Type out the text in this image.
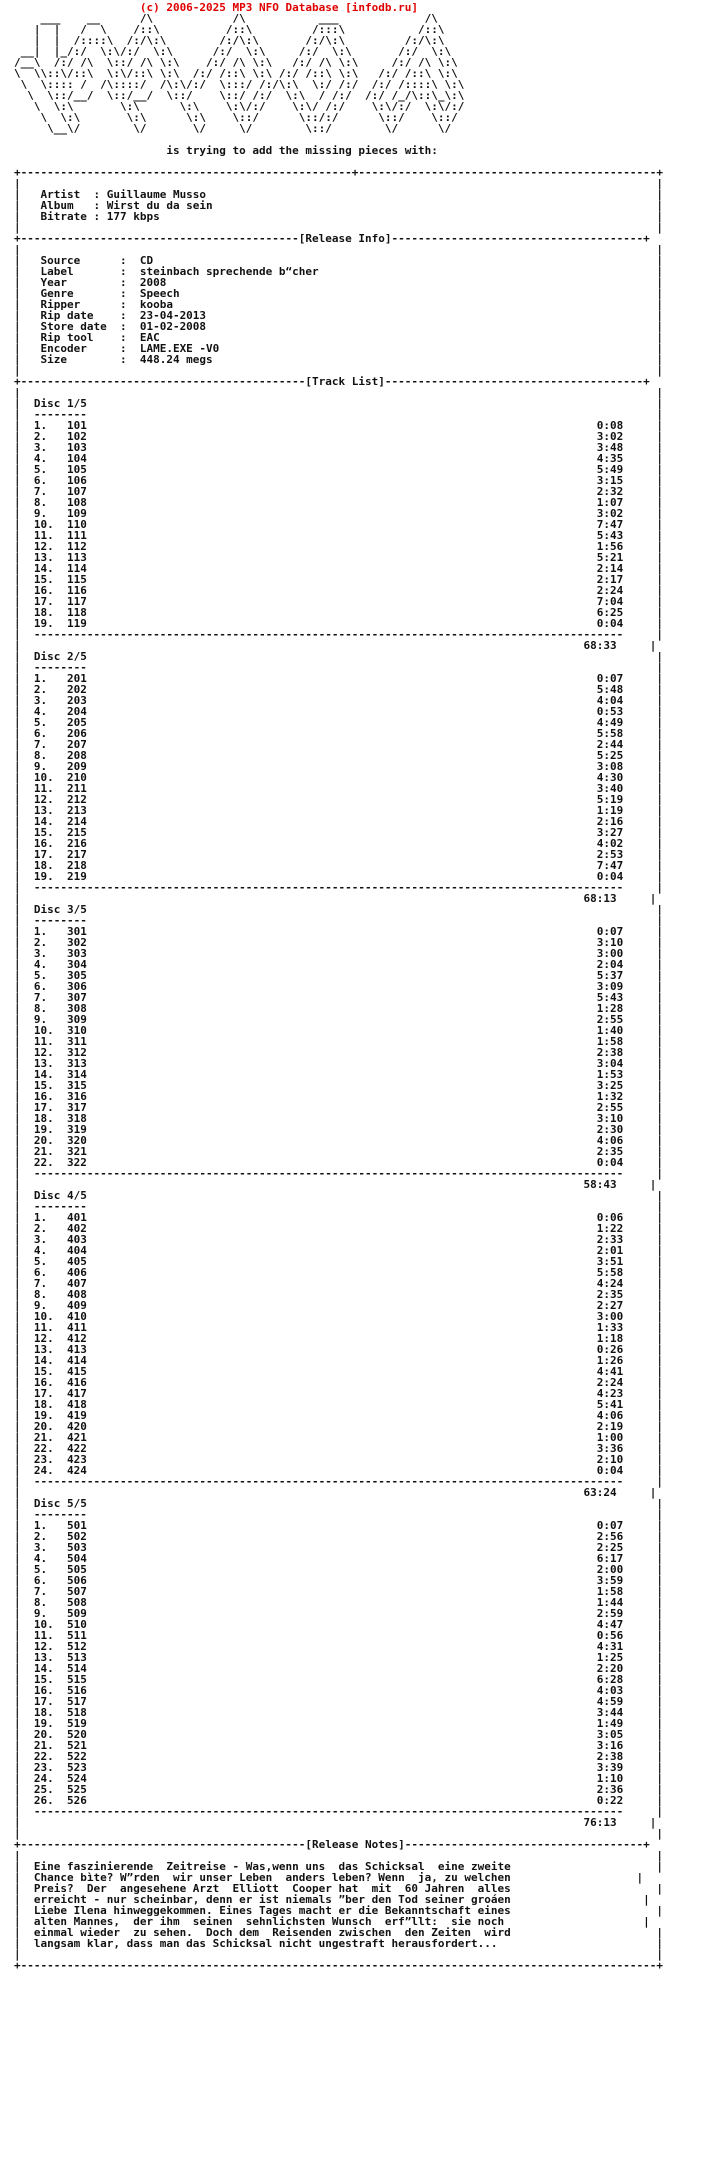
(c) 2006-2025 MP3 NFO Database [infodb.ru]
___    __      /\            /\           ___             /\
|  |   /  \    /::\          /::\         /:::\           /::\
|  |  /::::\  /:/\:\        /:/\:\       /:/\:\         /:/\:\
__|  |_/:/  \:\/:/  \:\      /:/  \:\     /:/  \:\       /:/  \:\
/__\  /:/ /\  \::/ /\ \:\    /:/ /\ \:\   /:/ /\ \:\     /:/ /\ \:\
\  \\::\/::\  \:\/::\ \:\  /:/ /::\ \:\ /:/ /::\ \:\   /:/ /::\ \:\
\  \:::: /  /\::::/  /\:\/:/  \:::/ /:/\:\  \:/ /:/  /:/ /::::\ \:\
\  \::/__/  \::/__/  \::/    \::/ /:/  \:\  / /:/  /:/ /_/\::\_\:\
\  \:\       \:\      \:\    \:\/:/    \:\/ /:/    \:\/:/  \:\/:/
\  \:\       \:\      \:\    \::/      \::/:/      \::/    \::/
\__\/        \/       \/     \/        \::/        \/      \/

is trying to add the missing pieces with:

+--------------------------------------------------+---------------------------------------------+
|                                                                                                |
|   Artist  : Guillaume Musso                                                                    |
|   Album   : Wirst du da sein                                                                   |
|   Bitrate : 177 kbps                                                                           |
|                                                                                                |
+------------------------------------------[Release Info]--------------------------------------+
|                                                                                                |
|   Source      :  CD                                                                            |
|   Label       :  steinbach sprechende b“cher                                                   |
|   Year        :  2008                                                                          |
|   Genre       :  Speech                                                                        |
|   Ripper      :  kooba                                                                         |
|   Rip date    :  23-04-2013                                                                    |
|   Store date  :  01-02-2008                                                                    |
|   Rip tool    :  EAC                                                                           |
|   Encoder     :  LAME.EXE -V0                                                                  |
|   Size        :  448.24 megs                                                                   |
|                                                                                                |
+-------------------------------------------[Track List]---------------------------------------+
|                                                                                                |
|  Disc 1/5                                                                                      |
|  --------                                                                                      |
|  1.   101                                                                             0:08     |
|  2.   102                                                                             3:02     |
|  3.   103                                                                             3:48     |
|  4.   104                                                                             4:35     |
|  5.   105                                                                             5:49     |
|  6.   106                                                                             3:15     |
|  7.   107                                                                             2:32     |
|  8.   108                                                                             1:07     |
|  9.   109                                                                             3:02     |
|  10.  110                                                                             7:47     |
|  11.  111                                                                             5:43     |
|  12.  112                                                                             1:56     |
|  13.  113                                                                             5:21     |
|  14.  114                                                                             2:14     |
|  15.  115                                                                             2:17     |
|  16.  116                                                                             2:24     |
|  17.  117                                                                             7:04     |
|  18.  118                                                                             6:25     |
|  19.  119                                                                             0:04     |
|  -----------------------------------------------------------------------------------------     |
|                                                                                     68:33     |
|  Disc 2/5                                                                                      |
|  --------                                                                                      |
|  1.   201                                                                             0:07     |
|  2.   202                                                                             5:48     |
|  3.   203                                                                             4:04     |
|  4.   204                                                                             0:53     |
|  5.   205                                                                             4:49     |
|  6.   206                                                                             5:58     |
|  7.   207                                                                             2:44     |
|  8.   208                                                                             5:25     |
|  9.   209                                                                             3:08     |
|  10.  210                                                                             4:30     |
|  11.  211                                                                             3:40     |
|  12.  212                                                                             5:19     |
|  13.  213                                                                             1:19     |
|  14.  214                                                                             2:16     |
|  15.  215                                                                             3:27     |
|  16.  216                                                                             4:02     |
|  17.  217                                                                             2:53     |
|  18.  218                                                                             7:47     |
|  19.  219                                                                             0:04     |
|  -----------------------------------------------------------------------------------------     |
|                                                                                     68:13     |
|  Disc 3/5                                                                                      |
|  --------                                                                                      |
|  1.   301                                                                             0:07     |
|  2.   302                                                                             3:10     |
|  3.   303                                                                             3:00     |
|  4.   304                                                                             2:04     |
|  5.   305                                                                             5:37     |
|  6.   306                                                                             3:09     |
|  7.   307                                                                             5:43     |
|  8.   308                                                                             1:28     |
|  9.   309                                                                             2:55     |
|  10.  310                                                                             1:40     |
|  11.  311                                                                             1:58     |
|  12.  312                                                                             2:38     |
|  13.  313                                                                             3:04     |
|  14.  314                                                                             1:53     |
|  15.  315                                                                             3:25     |
|  16.  316                                                                             1:32     |
|  17.  317                                                                             2:55     |
|  18.  318                                                                             3:10     |
|  19.  319                                                                             2:30     |
|  20.  320                                                                             4:06     |
|  21.  321                                                                             2:35     |
|  22.  322                                                                             0:04     |
|  -----------------------------------------------------------------------------------------     |
|                                                                                     58:43     |
|  Disc 4/5                                                                                      |
|  --------                                                                                      |
|  1.   401                                                                             0:06     |
|  2.   402                                                                             1:22     |
|  3.   403                                                                             2:33     |
|  4.   404                                                                             2:01     |
|  5.   405                                                                             3:51     |
|  6.   406                                                                             5:58     |
|  7.   407                                                                             4:24     |
|  8.   408                                                                             2:35     |
|  9.   409                                                                             2:27     |
|  10.  410                                                                             3:00     |
|  11.  411                                                                             1:33     |
|  12.  412                                                                             1:18     |
|  13.  413                                                                             0:26     |
|  14.  414                                                                             1:26     |
|  15.  415                                                                             4:41     |
|  16.  416                                                                             2:24     |
|  17.  417                                                                             4:23     |
|  18.  418                                                                             5:41     |
|  19.  419                                                                             4:06     |
|  20.  420                                                                             2:19     |
|  21.  421                                                                             1:00     |
|  22.  422                                                                             3:36     |
|  23.  423                                                                             2:10     |
|  24.  424                                                                             0:04     |
|  -----------------------------------------------------------------------------------------     |
|                                                                                     63:24     |
|  Disc 5/5                                                                                      |
|  --------                                                                                      |
|  1.   501                                                                             0:07     |
|  2.   502                                                                             2:56     |
|  3.   503                                                                             2:25     |
|  4.   504                                                                             6:17     |
|  5.   505                                                                             2:00     |
|  6.   506                                                                             3:59     |
|  7.   507                                                                             1:58     |
|  8.   508                                                                             1:44     |
|  9.   509                                                                             2:59     |
|  10.  510                                                                             4:47     |
|  11.  511                                                                             0:56     |
|  12.  512                                                                             4:31     |
|  13.  513                                                                             1:25     |
|  14.  514                                                                             2:20     |
|  15.  515                                                                             6:28     |
|  16.  516                                                                             4:03     |
|  17.  517                                                                             4:59     |
|  18.  518                                                                             3:44     |
|  19.  519                                                                             1:49     |
|  20.  520                                                                             3:05     |
|  21.  521                                                                             3:16     |
|  22.  522                                                                             2:38     |
|  23.  523                                                                             3:39     |
|  24.  524                                                                             1:10     |
|  25.  525                                                                             2:36     |
|  26.  526                                                                             0:22     |
|  -----------------------------------------------------------------------------------------     |
|                                                                                     76:13     |
|                                                                                                |
+-------------------------------------------[Release Notes]------------------------------------+
|                                                                                                |
|  Eine faszinierende  Zeitreise - Was,wenn uns  das Schicksal  eine zweite                      |
|  Chance bìte? W”rden  wir unser Leben  anders leben? Wenn  ja, zu welchen                   |
|  Preis?  Der  angesehene Arzt  Elliott  Cooper hat  mit  60 Jahren  alles                      |
|  erreicht - nur scheinbar, denn er ist niemals ”ber den Tod seiner groáen                    |
|  Liebe Ilena hinweggekommen. Eines Tages macht er die Bekanntschaft eines                      |
|  alten Mannes,  der ihm  seinen  sehnlichsten Wunsch  erf”llt:  sie noch                     |
|  einmal wieder  zu sehen.  Doch dem  Reisenden zwischen  den Zeiten  wird                      |
|  langsam klar, dass man das Schicksal nicht ungestraft herausfordert...                        |
|                                                                                                |
+------------------------------------------------------------------------------------------------+
